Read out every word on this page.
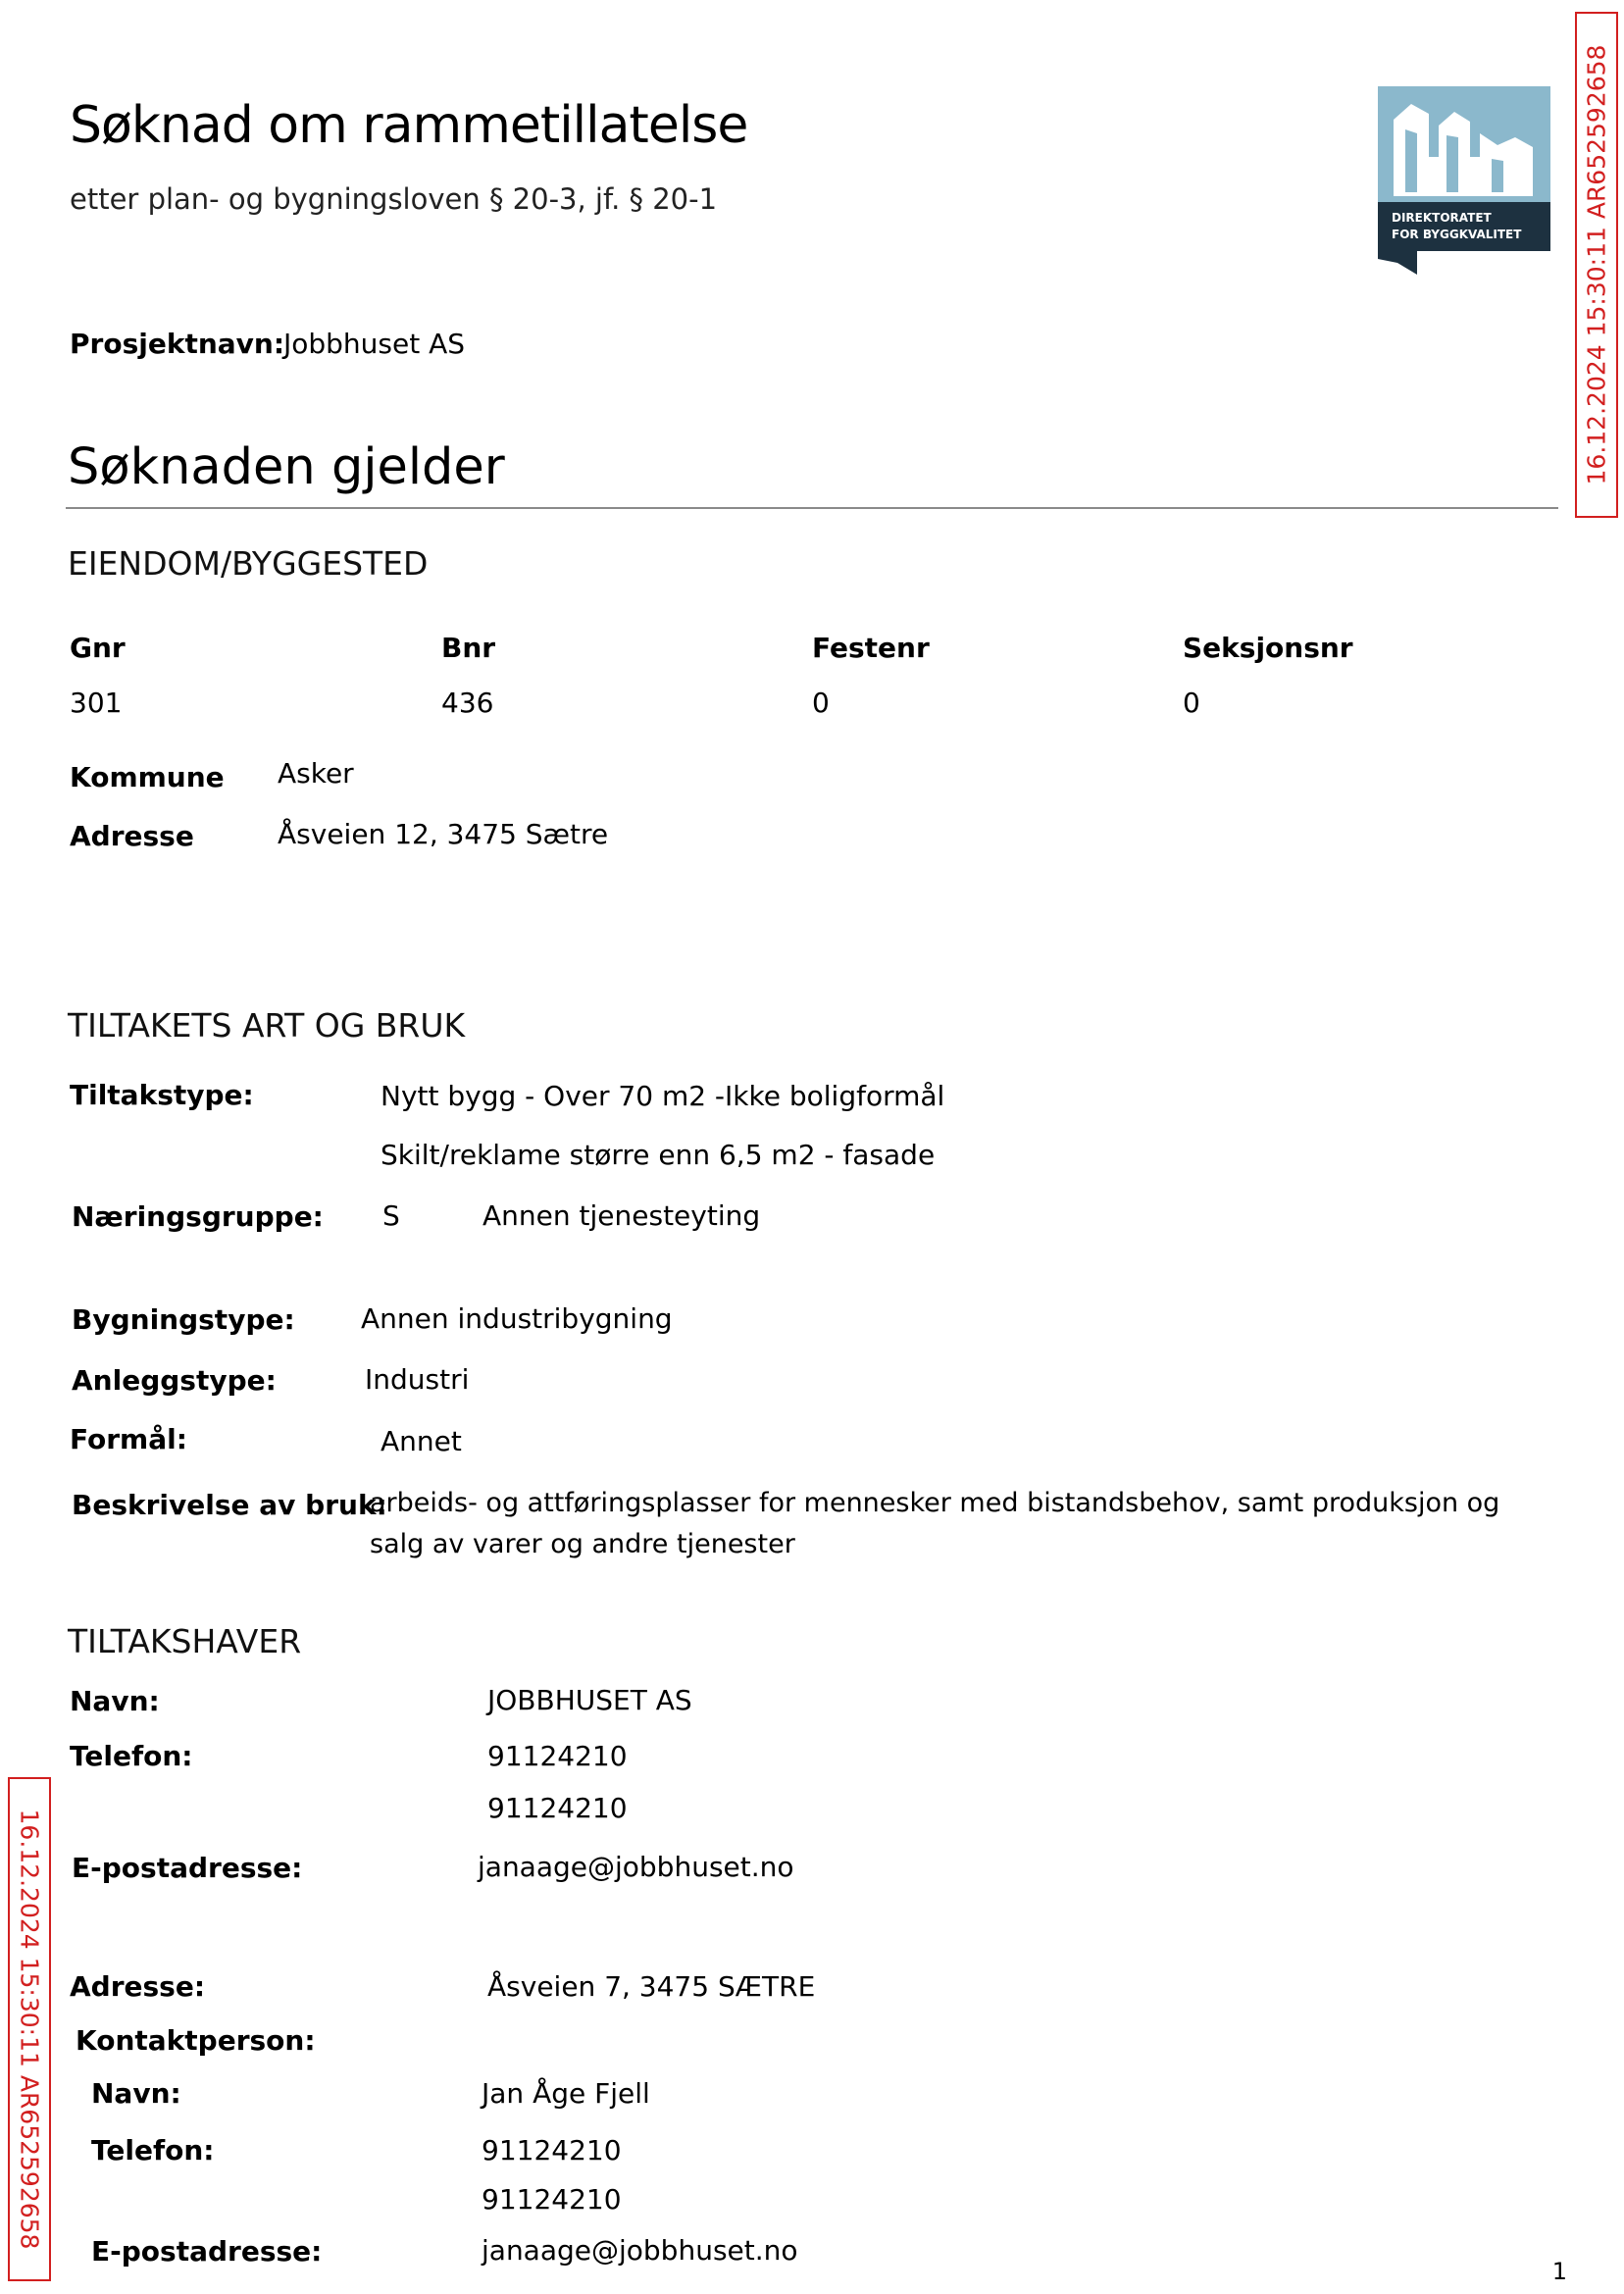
Søknad om rammetillatelse
etter plan- og bygningsloven § 20-3, jf. § 20-1
DIREKTORATET
FOR BYGGKVALITET 16.12.2024 15:30:11 AR652592658
Prosjektnavn:
Jobbhuset AS
Søknaden gjelder
EIENDOM/BYGGESTED
Gnr	Bnr	Festenr	Seksjonsnr
301	436	0	0
Kommune Asker
Adresse	Åsveien 12, 3475 Sætre
TILTAKETS ART OG BRUK
Tiltakstype:	Nytt bygg - Over 70 m2 -Ikke boligformål
Skilt/reklame større enn 6,5 m2 - fasade
Næringsgruppe: S	Annen tjenesteyting
Bygningstype: Annen industribygning
Anleggstype:	Industri
Formål:	Annet
Beskrivelse av bruk:
arbeids- og attføringsplasser for mennesker med bistandsbehov, samt produksjon og
salg av varer og andre tjenester
TILTAKSHAVER
Navn:	JOBBHUSET AS
Telefon:	91124210
91124210
E-postadresse:	janaage@jobbhuset.no
Adresse:	Åsveien 7, 3475 SÆTRE
Kontaktperson:
Navn:	Jan Åge Fjell
Telefon:	91124210
91124210
E-postadresse:	janaage@jobbhuset.no
16.12.2024 15:30:11 AR652592658
1
